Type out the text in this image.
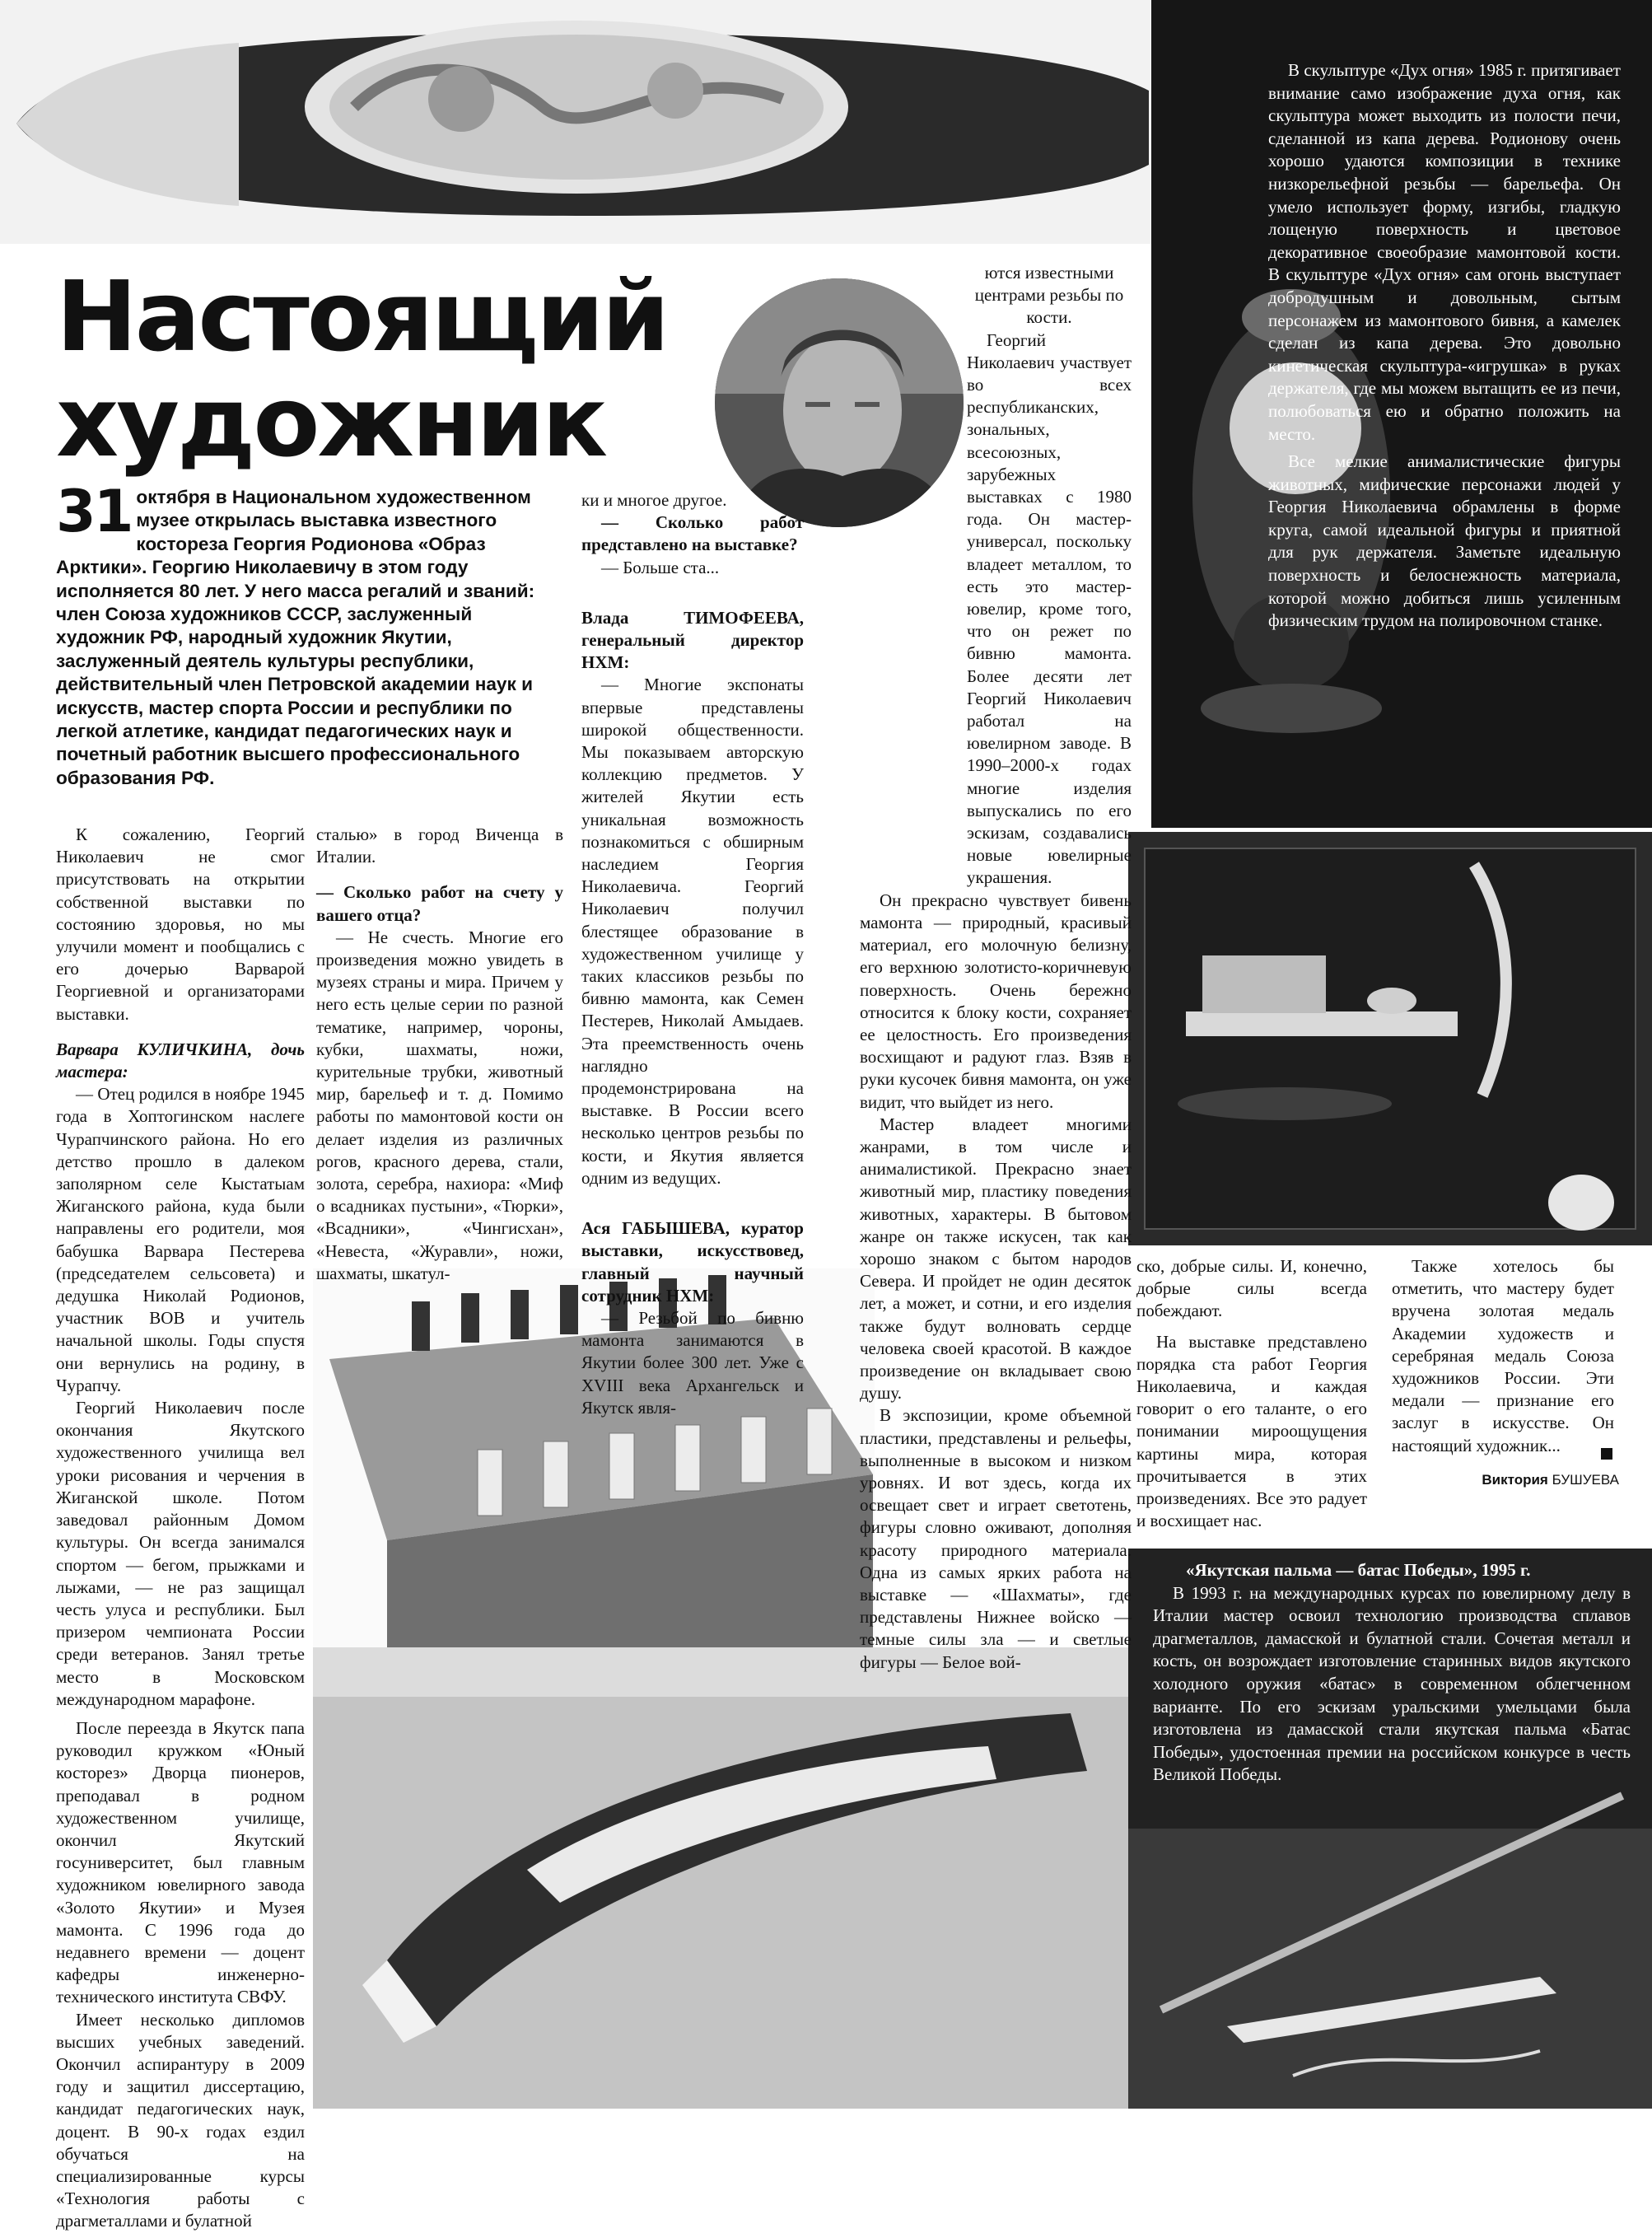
В скульптуре «Дух огня» 1985 г. притягивает внимание само изображение духа огня, как скульптура может выходить из полости печи, сделанной из капа дерева. Родионову очень хорошо удаются композиции в технике низкорельефной резьбы — барельефа. Он умело использует форму, изгибы, гладкую лощеную поверхность и цветовое декоративное своеобразие мамонтовой кости. В скульптуре «Дух огня» сам огонь выступает добродушным и довольным, сытым персонажем из мамонтового бивня, а камелек сделан из капа дерева. Это довольно кинетическая скульптура-«игрушка» в руках держателя, где мы можем вытащить ее из печи, полюбоваться ею и обратно положить на место.

Все мелкие анималистические фигуры животных, мифические персонажи людей у Георгия Николаевича обрамлены в форме круга, самой идеальной фигуры и приятной для рук держателя. Заметьте идеальную поверхность и белоснежность материала, которой можно добиться лишь усиленным физическим трудом на полировочном станке.

«Якутская пальма — батас Победы», 1995 г.

В 1993 г. на международных курсах по ювелирному делу в Италии мастер освоил технологию производства сплавов драгметаллов, дамасской и булатной стали. Сочетая металл и кость, он возрождает изготовление старинных видов якутского холодного оружия «батас» в современном облегченном варианте. По его эскизам уральскими умельцами была изготовлена из дамасской стали якутская пальма «Батас Победы», удостоенная премии на российском конкурсе в честь Великой Победы.

Настоящий художник
31 октября в Национальном художественном музее открылась выставка известного костореза Георгия Родионова «Образ Арктики». Георгию Николаевичу в этом году исполняется 80 лет. У него масса регалий и званий: член Союза художников СССР, заслуженный художник РФ, народный художник Якутии, заслуженный деятель культуры республики, действительный член Петровской академии наук и искусств, мастер спорта России и республики по легкой атлетике, кандидат педагогических наук и почетный работник высшего профессионального образования РФ.

К сожалению, Георгий Николаевич не смог присутствовать на открытии собственной выставки по состоянию здоровья, но мы улучили момент и пообщались с его дочерью Варварой Георгиевной и организаторами выставки.

Варвара КУЛИЧКИНА, дочь мастера:

— Отец родился в ноябре 1945 года в Хоптогинском наслеге Чурапчинского района. Но его детство прошло в далеком заполярном селе Кыстатыам Жиганского района, куда были направлены его родители, моя бабушка Варвара Пестерева (председателем сельсовета) и дедушка Николай Родионов, участник ВОВ и учитель начальной школы. Годы спустя они вернулись на родину, в Чурапчу.

Георгий Николаевич после окончания Якутского художественного училища вел уроки рисования и черчения в Жиганской школе. Потом заведовал районным Домом культуры. Он всегда занимался спортом — бегом, прыжками и лыжами, — не раз защищал честь улуса и республики. Был призером чемпионата России среди ветеранов. Занял третье место в Московском международном марафоне.

После переезда в Якутск папа руководил кружком «Юный косторез» Дворца пионеров, преподавал в родном художественном училище, окончил Якутский госуниверситет, был главным художником ювелирного завода «Золото Якутии» и Музея мамонта. С 1996 года до недавнего времени — доцент кафедры инженерно-технического института СВФУ.

Имеет несколько дипломов высших учебных заведений. Окончил аспирантуру в 2009 году и защитил диссертацию, кандидат педагогических наук, доцент. В 90-х годах ездил обучаться на специализированные курсы «Технология работы с драгметаллами и булатной

сталью» в город Виченца в Италии.

— Сколько работ на счету у вашего отца?

— Не счесть. Многие его произведения можно увидеть в музеях страны и мира. Причем у него есть целые серии по разной тематике, например, чороны, кубки, шахматы, ножи, курительные трубки, животный мир, барельеф и т. д. Помимо работы по мамонтовой кости он делает изделия из различных рогов, красного дерева, стали, золота, серебра, нахиора: «Миф о всадниках пустыни», «Тюрки», «Всадники», «Чингисхан», «Невеста, «Журавли», ножи, шахматы, шкатул-

ки и многое другое.

— Сколько работ представлено на выставке?

— Больше ста...

Влада ТИМОФЕЕВА, генеральный директор НХМ:

— Многие экспонаты впервые представлены широкой общественности. Мы показываем авторскую коллекцию предметов. У жителей Якутии есть уникальная возможность познакомиться с обширным наследием Георгия Николаевича. Георгий Николаевич получил блестящее образование в художественном училище у таких классиков резьбы по бивню мамонта, как Семен Пестерев, Николай Амыдаев. Эта преемственность очень наглядно продемонстрирована на выставке. В России всего несколько центров резьбы по кости, и Якутия является одним из ведущих.

Ася ГАБЫШЕВА, куратор выставки, искусствовед, главный научный сотрудник НХМ:

— Резьбой по бивню мамонта занимаются в Якутии более 300 лет. Уже с XVIII века Архангельск и Якутск явля-

ются известными центрами резьбы по кости.

Георгий Николаевич участвует во всех республиканских, зональных, всесоюзных, зарубежных выставках с 1980 года. Он мастер-универсал, поскольку владеет металлом, то есть это мастер-ювелир, кроме того, что он режет по бивню мамонта. Более десяти лет Георгий Николаевич работал на ювелирном заводе. В 1990–2000-х годах многие изделия выпускались по его эскизам, создавались новые ювелирные украшения.

Он прекрасно чувствует бивень мамонта — природный, красивый материал, его молочную белизну, его верхнюю золотисто-коричневую поверхность. Очень бережно относится к блоку кости, сохраняет ее целостность. Его произведения восхищают и радуют глаз. Взяв в руки кусочек бивня мамонта, он уже видит, что выйдет из него.

Мастер владеет многими жанрами, в том числе и анималистикой. Прекрасно знает животный мир, пластику поведения животных, характеры. В бытовом жанре он также искусен, так как хорошо знаком с бытом народов Севера. И пройдет не один десяток лет, а может, и сотни, и его изделия также будут волновать сердце человека своей красотой. В каждое произведение он вкладывает свою душу.

В экспозиции, кроме объемной пластики, представлены и рельефы, выполненные в высоком и низком уровнях. И вот здесь, когда их освещает свет и играет светотень, фигуры словно оживают, дополняя красоту природного материала. Одна из самых ярких работа на выставке — «Шахматы», где представлены Нижнее войско — темные силы зла — и светлые фигуры — Белое вой-

ско, добрые силы. И, конечно, добрые силы всегда побеждают.

На выставке представлено порядка ста работ Георгия Николаевича, и каждая говорит о его таланте, о его понимании мироощущения картины мира, которая прочитывается в этих произведениях. Все это радует и восхищает нас.

Также хотелось бы отметить, что мастеру будет вручена золотая медаль Академии художеств и серебряная медаль Союза художников России. Эти медали — признание его заслуг в искусстве. Он настоящий художник...

Виктория БУШУЕВА
